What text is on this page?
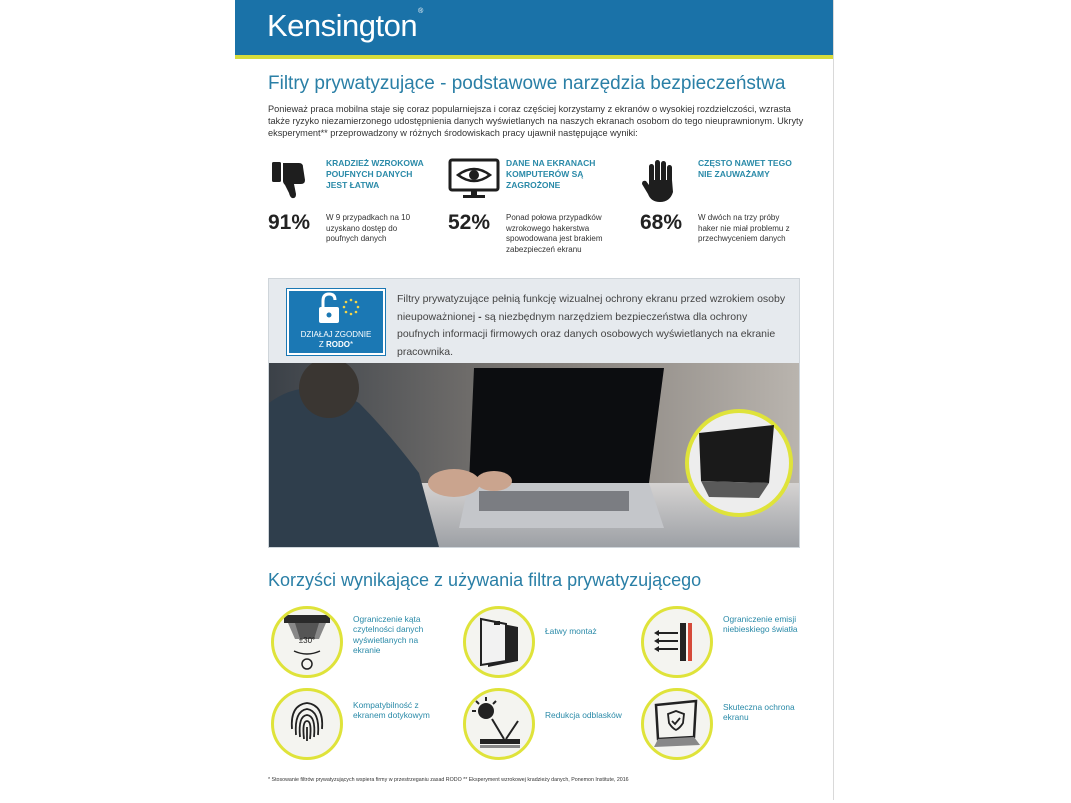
Kensington®
Filtry prywatyzujące - podstawowe narzędzia bezpieczeństwa
Ponieważ praca mobilna staje się coraz popularniejsza i coraz częściej korzystamy z ekranów o wysokiej rozdzielczości, wzrasta także ryzyko niezamierzonego udostępnienia danych wyświetlanych na naszych ekranach osobom do tego nieuprawnionym. Ukryty eksperyment** przeprowadzony w różnych środowiskach pracy ujawnił następujące wyniki:
KRADZIEŻ WZROKOWA POUFNYCH DANYCH JEST ŁATWA
91% W 9 przypadkach na 10 uzyskano dostęp do poufnych danych
DANE NA EKRANACH KOMPUTERÓW SĄ ZAGROŻONE
52% Ponad połowa przypadków wzrokowego hakerstwa spowodowana jest brakiem zabezpieczeń ekranu
CZĘSTO NAWET TEGO NIE ZAUWAŻAMY
68% W dwóch na trzy próby haker nie miał problemu z przechwyceniem danych
DZIAŁAJ ZGODNIE
Z RODO*
Filtry prywatyzujące pełnią funkcję wizualnej ochrony ekranu przed wzrokiem osoby nieupoważnionej - są niezbędnym narzędziem bezpieczeństwa dla ochrony poufnych informacji firmowych oraz danych osobowych wyświetlanych na ekranie pracownika.
Korzyści wynikające z używania filtra prywatyzującego
±30°
Ograniczenie kąta czytelności danych wyświetlanych na ekranie
Łatwy montaż
Ograniczenie emisji niebieskiego światła
Kompatybilność z ekranem dotykowym	Redukcja odblasków
Skuteczna ochrona ekranu
* Stosowanie filtrów prywatyzujących wspiera firmy w przestrzeganiu zasad RODO ** Eksperyment wzrokowej kradzieży danych, Ponemon Institute, 2016
